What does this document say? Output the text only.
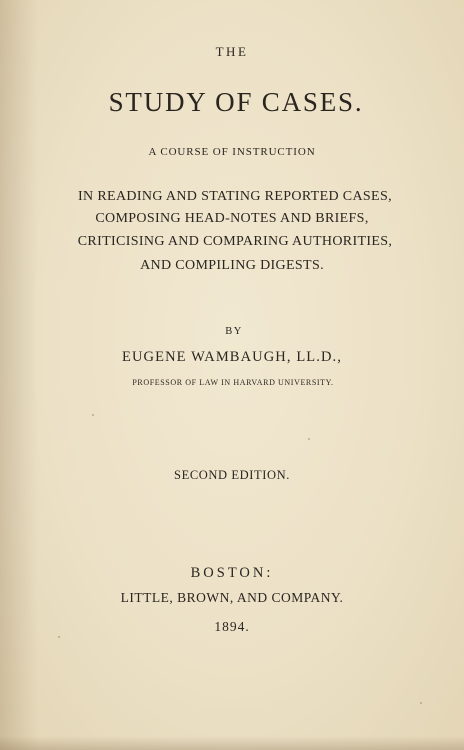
THE
STUDY OF CASES.
A COURSE OF INSTRUCTION
IN READING AND STATING REPORTED CASES,
COMPOSING HEAD-NOTES AND BRIEFS,
CRITICISING AND COMPARING AUTHORITIES,
AND COMPILING DIGESTS.
BY
EUGENE WAMBAUGH, LL.D.,
PROFESSOR OF LAW IN HARVARD UNIVERSITY.
SECOND EDITION.
BOSTON:
LITTLE, BROWN, AND COMPANY.
1894.
